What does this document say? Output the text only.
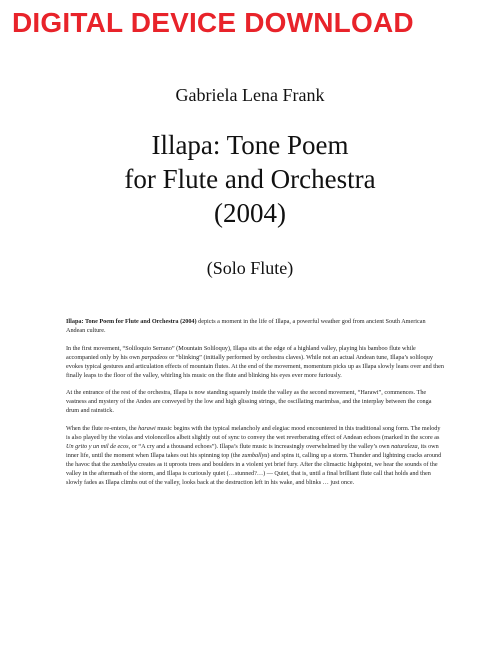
DIGITAL DEVICE DOWNLOAD
Gabriela Lena Frank
Illapa: Tone Poem
for Flute and Orchestra
(2004)
(Solo Flute)

Illapa: Tone Poem for Flute and Orchestra (2004) depicts a moment in the life of Illapa, a powerful weather god from ancient South American Andean culture.

In the first movement, “Soliloquio Serrano” (Mountain Soliloquy), Illapa sits at the edge of a highland valley, playing his bamboo flute while accompanied only by his own parpadeos or “blinking” (initially performed by orchestra claves). While not an actual Andean tune, Illapa’s soliloquy evokes typical gestures and articulation effects of mountain flutes. At the end of the movement, momentum picks up as Illapa slowly leans over and then finally leaps to the floor of the valley, whirling his music on the flute and blinking his eyes ever more furiously.

At the entrance of the rest of the orchestra, Illapa is now standing squarely inside the valley as the second movement, “Harawi”, commences. The vastness and mystery of the Andes are conveyed by the low and high glissing strings, the oscillating marimbas, and the interplay between the conga drum and rainstick.

When the flute re-enters, the harawi music begins with the typical melancholy and elegiac mood encountered in this traditional song form. The melody is also played by the violas and violoncellos albeit slightly out of sync to convey the wet reverberating effect of Andean echoes (marked in the score as Un grito y un mil de ecos, or “A cry and a thousand echoes”). Illapa’s flute music is increasingly overwhelmed by the valley’s own naturaleza, its own inner life, until the moment when Illapa takes out his spinning top (the zumballyu) and spins it, calling up a storm. Thunder and lightning cracks around the havoc that the zumballyu creates as it uproots trees and boulders in a violent yet brief fury. After the climactic highpoint, we hear the sounds of the valley in the aftermath of the storm, and Illapa is curiously quiet (…stunned?…) — Quiet, that is, until a final brilliant flute call that holds and then slowly fades as Illapa climbs out of the valley, looks back at the destruction left in his wake, and blinks … just once.
